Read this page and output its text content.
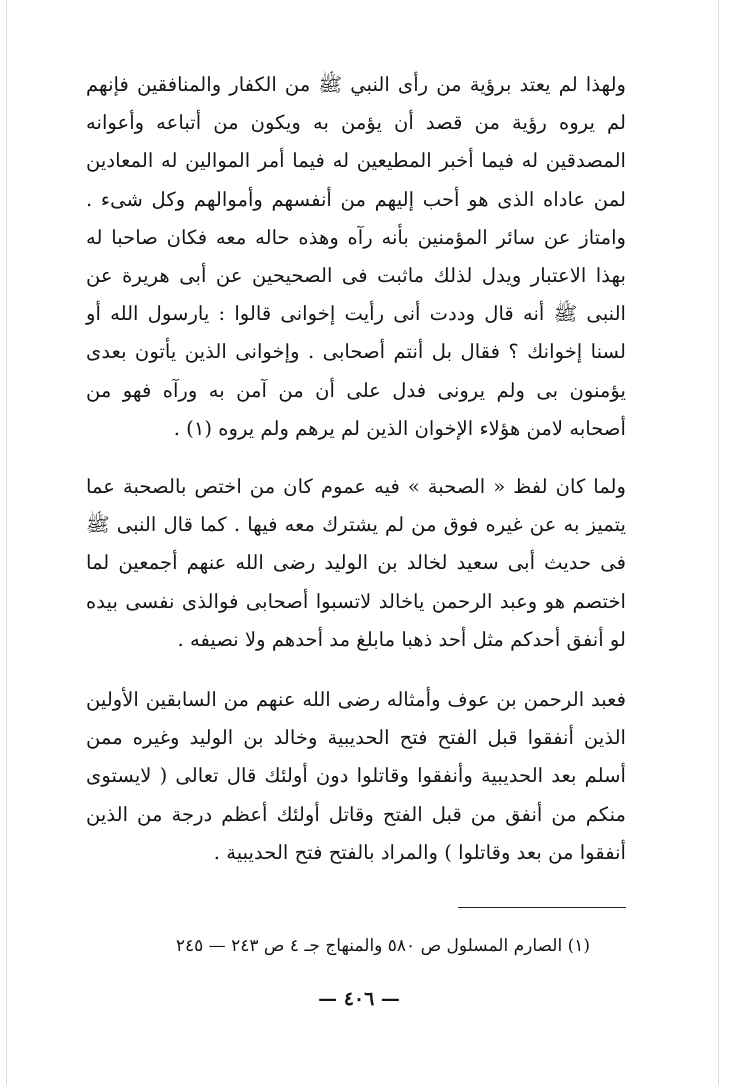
ولهذا لم يعتد برؤية من رأى النبي ﷺ من الكفار والمنافقين فإنهم لم يروه رؤية من قصد أن يؤمن به ويكون من أتباعه وأعوانه المصدقين له فيما أخبر المطيعين له فيما أمر الموالين له المعادين لمن عاداه الذى هو أحب إليهم من أنفسهم وأموالهم وكل شىء . وامتاز عن سائر المؤمنين بأنه رآه وهذه حاله معه فكان صاحبا له بهذا الاعتبار ويدل لذلك ماثبت فى الصحيحين عن أبى هريرة عن النبى ﷺ أنه قال وددت أنى رأيت إخوانى قالوا : يارسول الله أو لسنا إخوانك ؟ فقال بل أنتم أصحابى . وإخوانى الذين يأتون بعدى يؤمنون بى ولم يرونى فدل على أن من آمن به ورآه فهو من أصحابه لامن هؤلاء الإخوان الذين لم يرهم ولم يروه (١) .

ولما كان لفظ « الصحبة » فيه عموم كان من اختص بالصحبة عما يتميز به عن غيره فوق من لم يشترك معه فيها . كما قال النبى ﷺ فى حديث أبى سعيد لخالد بن الوليد رضى الله عنهم أجمعين لما اختصم هو وعبد الرحمن ياخالد لاتسبوا أصحابى فوالذى نفسى بيده لو أنفق أحدكم مثل أحد ذهبا مابلغ مد أحدهم ولا نصيفه .

فعبد الرحمن بن عوف وأمثاله رضى الله عنهم من السابقين الأولين الذين أنفقوا قبل الفتح فتح الحديبية وخالد بن الوليد وغيره ممن أسلم بعد الحديبية وأنفقوا وقاتلوا دون أولئك قال تعالى ( لايستوى منكم من أنفق من قبل الفتح وقاتل أولئك أعظم درجة من الذين أنفقوا من بعد وقاتلوا ) والمراد بالفتح فتح الحديبية .

(١) الصارم المسلول ص ٥٨٠ والمنهاج جـ ٤ ص ٢٤٣ — ٢٤٥
— ٤٠٦ —
